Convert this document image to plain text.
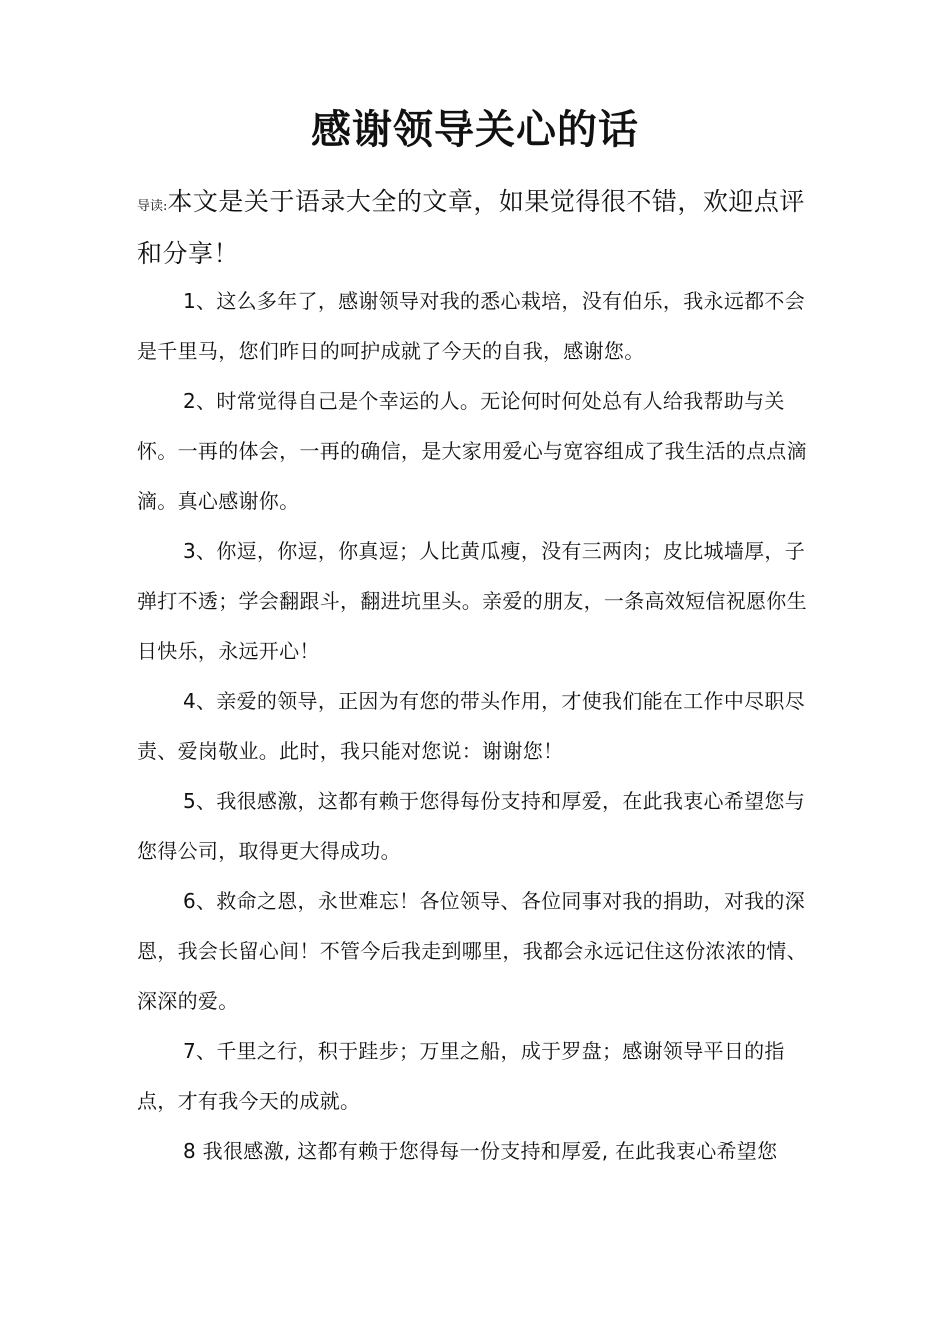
感谢领导关心的话
导读:本文是关于语录大全的文章，如果觉得很不错，欢迎点评和分享！

1、这么多年了，感谢领导对我的悉心栽培，没有伯乐，我永远都不会是千里马，您们昨日的呵护成就了今天的自我，感谢您。

2、时常觉得自己是个幸运的人。无论何时何处总有人给我帮助与关怀。一再的体会，一再的确信，是大家用爱心与宽容组成了我生活的点点滴滴。真心感谢你。

3、你逗，你逗，你真逗；人比黄瓜瘦，没有三两肉；皮比城墙厚，子弹打不透；学会翻跟斗，翻进坑里头。亲爱的朋友，一条高效短信祝愿你生日快乐，永远开心！

4、亲爱的领导，正因为有您的带头作用，才使我们能在工作中尽职尽责、爱岗敬业。此时，我只能对您说：谢谢您！

5、我很感激，这都有赖于您得每份支持和厚爱，在此我衷心希望您与您得公司，取得更大得成功。

6、救命之恩，永世难忘！各位领导、各位同事对我的捐助，对我的深恩，我会长留心间！不管今后我走到哪里，我都会永远记住这份浓浓的情、深深的爱。

7、千里之行，积于跬步；万里之船，成于罗盘；感谢领导平日的指点，才有我今天的成就。

8 我很感激, 这都有赖于您得每一份支持和厚爱, 在此我衷心希望您
